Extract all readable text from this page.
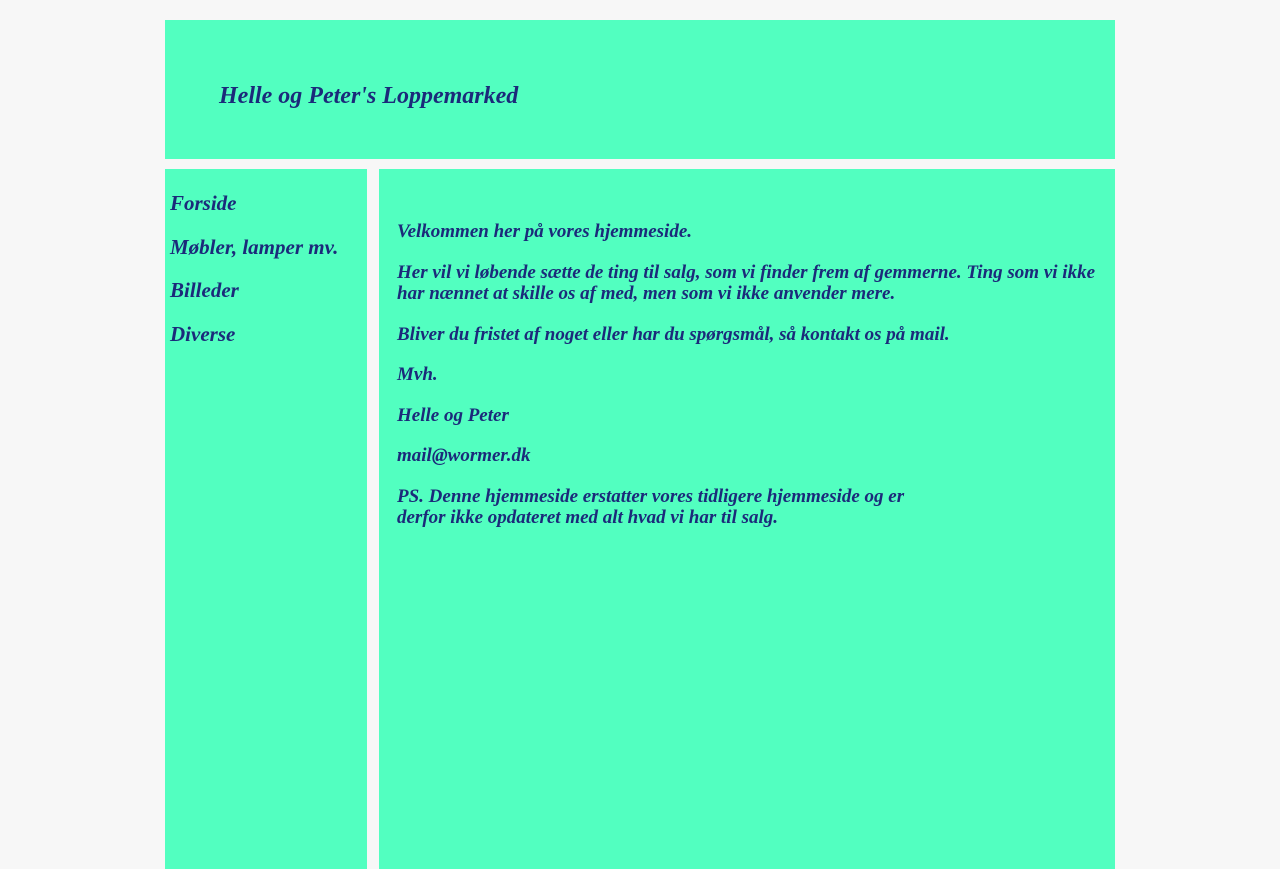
Helle og Peter's Loppemarked
Forside
Møbler, lamper mv.
Billeder
Diverse

Velkommen her på vores hjemmeside.

Her vil vi løbende sætte de ting til salg, som vi finder frem af gemmerne. Ting som vi ikke har nænnet at skille os af med, men som vi ikke anvender mere.

Bliver du fristet af noget eller har du spørgsmål, så kontakt os på mail.

Mvh.

Helle og Peter

mail@wormer.dk

PS. Denne hjemmeside erstatter vores tidligere hjemmeside og er derfor ikke opdateret med alt hvad vi har til salg.
